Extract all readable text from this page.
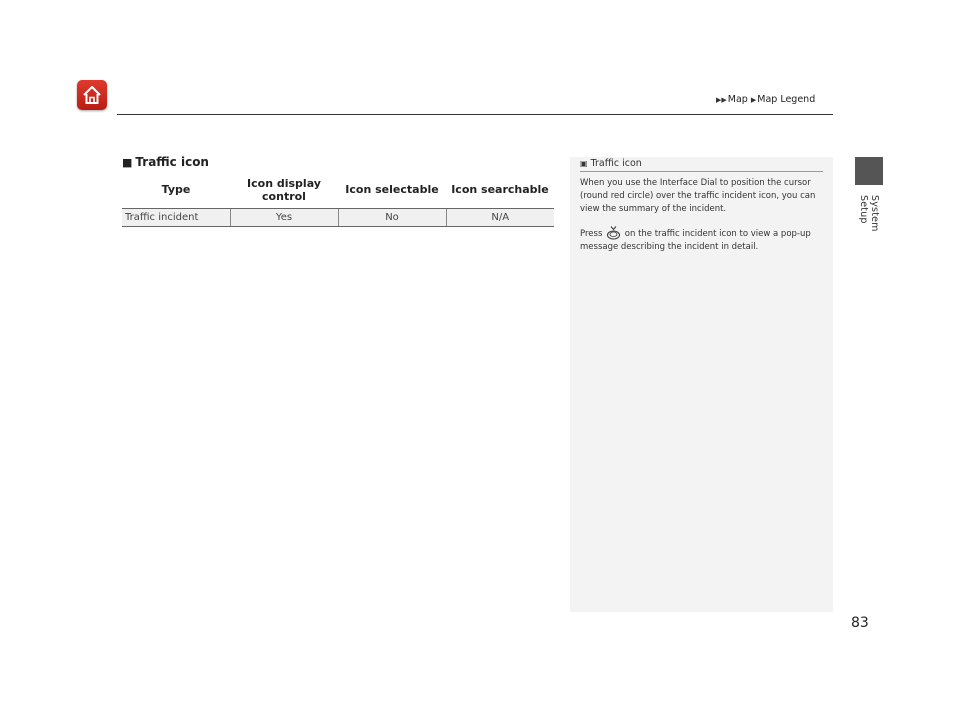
▶▶Map ▶Map Legend
System Setup
■ Traffic icon
Type	Icon display control	Icon selectable	Icon searchable
Traffic incident	Yes	No	N/A
▣ Traffic icon

When you use the Interface Dial to position the cursor (round red circle) over the traffic incident icon, you can view the summary of the incident.

Press	on the traffic incident icon to view a pop-up message describing the incident in detail.

83
